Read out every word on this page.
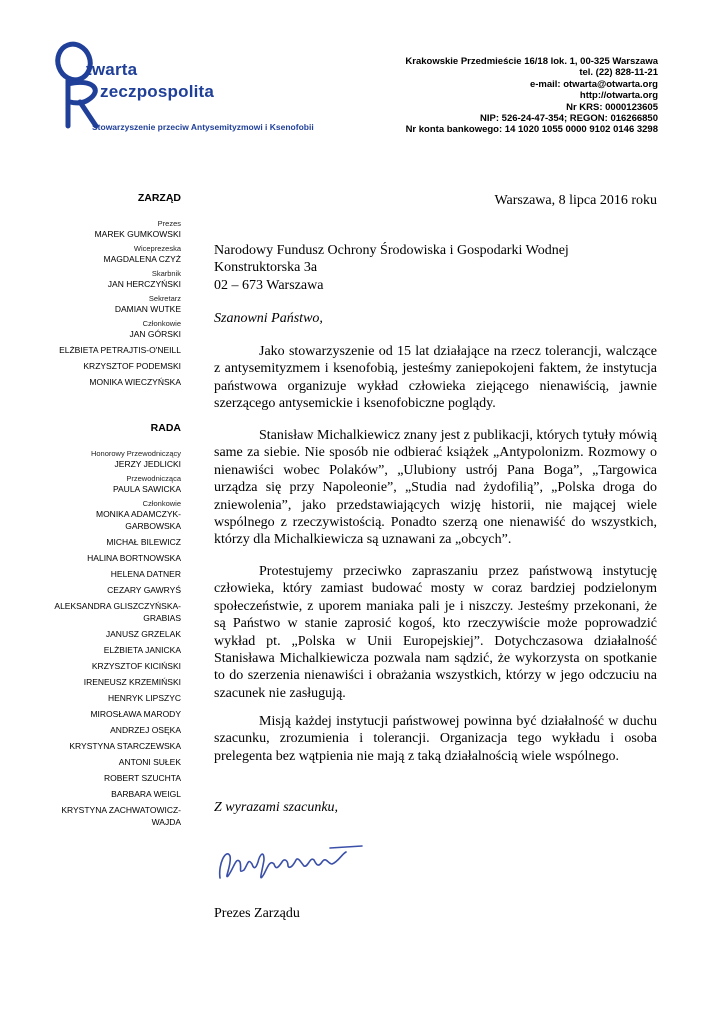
twarta
zeczpospolita
Stowarzyszenie przeciw Antysemityzmowi i Ksenofobii
Krakowskie Przedmieście 16/18 lok. 1, 00-325 Warszawa
tel. (22) 828-11-21
e-mail: otwarta@otwarta.org
http://otwarta.org
Nr KRS: 0000123605
NIP: 526-24-47-354; REGON: 016266850
Nr konta bankowego: 14 1020 1055 0000 9102 0146 3298
ZARZĄD
Prezes
MAREK GUMKOWSKI
Wiceprezeska
MAGDALENA CZYŻ
Skarbnik
JAN HERCZYŃSKI
Sekretarz
DAMIAN WUTKE
Członkowie
JAN GÓRSKI
ELŻBIETA PETRAJTIS-O'NEILL
KRZYSZTOF PODEMSKI
MONIKA WIECZYŃSKA
RADA
Honorowy Przewodniczący
JERZY JEDLICKI
Przewodnicząca
PAULA SAWICKA
Członkowie
MONIKA ADAMCZYK-
GARBOWSKA
MICHAŁ BILEWICZ
HALINA BORTNOWSKA
HELENA DATNER
CEZARY GAWRYŚ
ALEKSANDRA GLISZCZYŃSKA-
GRABIAS
JANUSZ GRZELAK
ELŻBIETA JANICKA
KRZYSZTOF KICIŃSKI
IRENEUSZ KRZEMIŃSKI
HENRYK LIPSZYC
MIROSŁAWA MARODY
ANDRZEJ OSĘKA
KRYSTYNA STARCZEWSKA
ANTONI SUŁEK
ROBERT SZUCHTA
BARBARA WEIGL
KRYSTYNA ZACHWATOWICZ-
WAJDA
Warszawa, 8 lipca 2016 roku
Narodowy Fundusz Ochrony Środowiska i Gospodarki Wodnej
Konstruktorska 3a
02 – 673 Warszawa
Szanowni Państwo,
Jako stowarzyszenie od 15 lat działające na rzecz tolerancji, walczące z antysemityzmem i ksenofobią, jesteśmy zaniepokojeni faktem, że instytucja państwowa organizuje wykład człowieka ziejącego nienawiścią, jawnie szerzącego antysemickie i ksenofobiczne poglądy.
Stanisław Michalkiewicz znany jest z publikacji, których tytuły mówią same za siebie. Nie sposób nie odbierać książek „Antypolonizm. Rozmowy o nienawiści wobec Polaków”, „Ulubiony ustrój Pana Boga”, „Targowica urządza się przy Napoleonie”, „Studia nad żydofilią”, „Polska droga do zniewolenia”, jako przedstawiających wizję historii, nie mającej wiele wspólnego z rzeczywistością. Ponadto szerzą one nienawiść do wszystkich, którzy dla Michalkiewicza są uznawani za „obcych”.
Protestujemy przeciwko zapraszaniu przez państwową instytucję człowieka, który zamiast budować mosty w coraz bardziej podzielonym społeczeństwie, z uporem maniaka pali je i niszczy. Jesteśmy przekonani, że są Państwo w stanie zaprosić kogoś, kto rzeczywiście może poprowadzić wykład pt. „Polska w Unii Europejskiej”. Dotychczasowa działalność Stanisława Michalkiewicza pozwala nam sądzić, że wykorzysta on spotkanie to do szerzenia nienawiści i obrażania wszystkich, którzy w jego odczuciu na szacunek nie zasługują.
Misją każdej instytucji państwowej powinna być działalność w duchu szacunku, zrozumienia i tolerancji. Organizacja tego wykładu i osoba prelegenta bez wątpienia nie mają z taką działalnością wiele wspólnego.
Z wyrazami szacunku,
Prezes Zarządu
